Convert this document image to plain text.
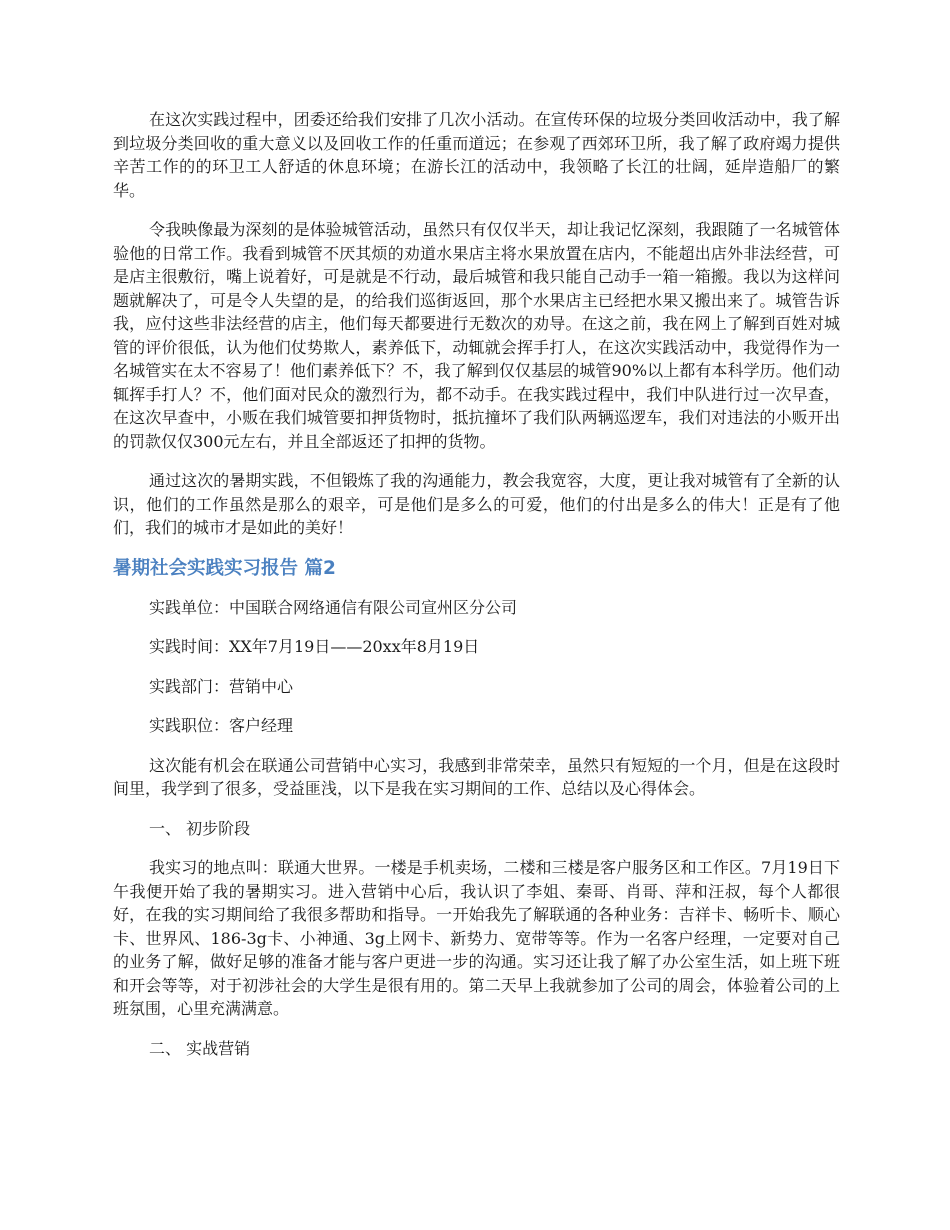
在这次实践过程中，团委还给我们安排了几次小活动。在宣传环保的垃圾分类回收活动中，我了解到垃圾分类回收的重大意义以及回收工作的任重而道远；在参观了西郊环卫所，我了解了政府竭力提供辛苦工作的的环卫工人舒适的休息环境；在游长江的活动中，我领略了长江的壮阔，延岸造船厂的繁华。

令我映像最为深刻的是体验城管活动，虽然只有仅仅半天，却让我记忆深刻，我跟随了一名城管体验他的日常工作。我看到城管不厌其烦的劝道水果店主将水果放置在店内，不能超出店外非法经营，可是店主很敷衍，嘴上说着好，可是就是不行动，最后城管和我只能自己动手一箱一箱搬。我以为这样问题就解决了，可是令人失望的是，的给我们巡街返回，那个水果店主已经把水果又搬出来了。城管告诉我，应付这些非法经营的店主，他们每天都要进行无数次的劝导。在这之前，我在网上了解到百姓对城管的评价很低，认为他们仗势欺人，素养低下，动辄就会挥手打人，在这次实践活动中，我觉得作为一名城管实在太不容易了！他们素养低下？不，我了解到仅仅基层的城管90%以上都有本科学历。他们动辄挥手打人？不，他们面对民众的激烈行为，都不动手。在我实践过程中，我们中队进行过一次早查，在这次早查中，小贩在我们城管要扣押货物时，抵抗撞坏了我们队两辆巡逻车，我们对违法的小贩开出的罚款仅仅300元左右，并且全部返还了扣押的货物。

通过这次的暑期实践，不但锻炼了我的沟通能力，教会我宽容，大度，更让我对城管有了全新的认识，他们的工作虽然是那么的艰辛，可是他们是多么的可爱，他们的付出是多么的伟大！正是有了他们，我们的城市才是如此的美好！

暑期社会实践实习报告 篇2

实践单位：中国联合网络通信有限公司宣州区分公司

实践时间：XX年7月19日——20xx年8月19日

实践部门：营销中心

实践职位：客户经理

这次能有机会在联通公司营销中心实习，我感到非常荣幸，虽然只有短短的一个月，但是在这段时间里，我学到了很多，受益匪浅，以下是我在实习期间的工作、总结以及心得体会。

一、 初步阶段

我实习的地点叫：联通大世界。一楼是手机卖场，二楼和三楼是客户服务区和工作区。7月19日下午我便开始了我的暑期实习。进入营销中心后，我认识了李姐、秦哥、肖哥、萍和汪叔，每个人都很好，在我的实习期间给了我很多帮助和指导。一开始我先了解联通的各种业务：吉祥卡、畅听卡、顺心卡、世界风、186-3g卡、小神通、3g上网卡、新势力、宽带等等。作为一名客户经理，一定要对自己的业务了解，做好足够的准备才能与客户更进一步的沟通。实习还让我了解了办公室生活，如上班下班和开会等等，对于初涉社会的大学生是很有用的。第二天早上我就参加了公司的周会，体验着公司的上班氛围，心里充满满意。

二、 实战营销
